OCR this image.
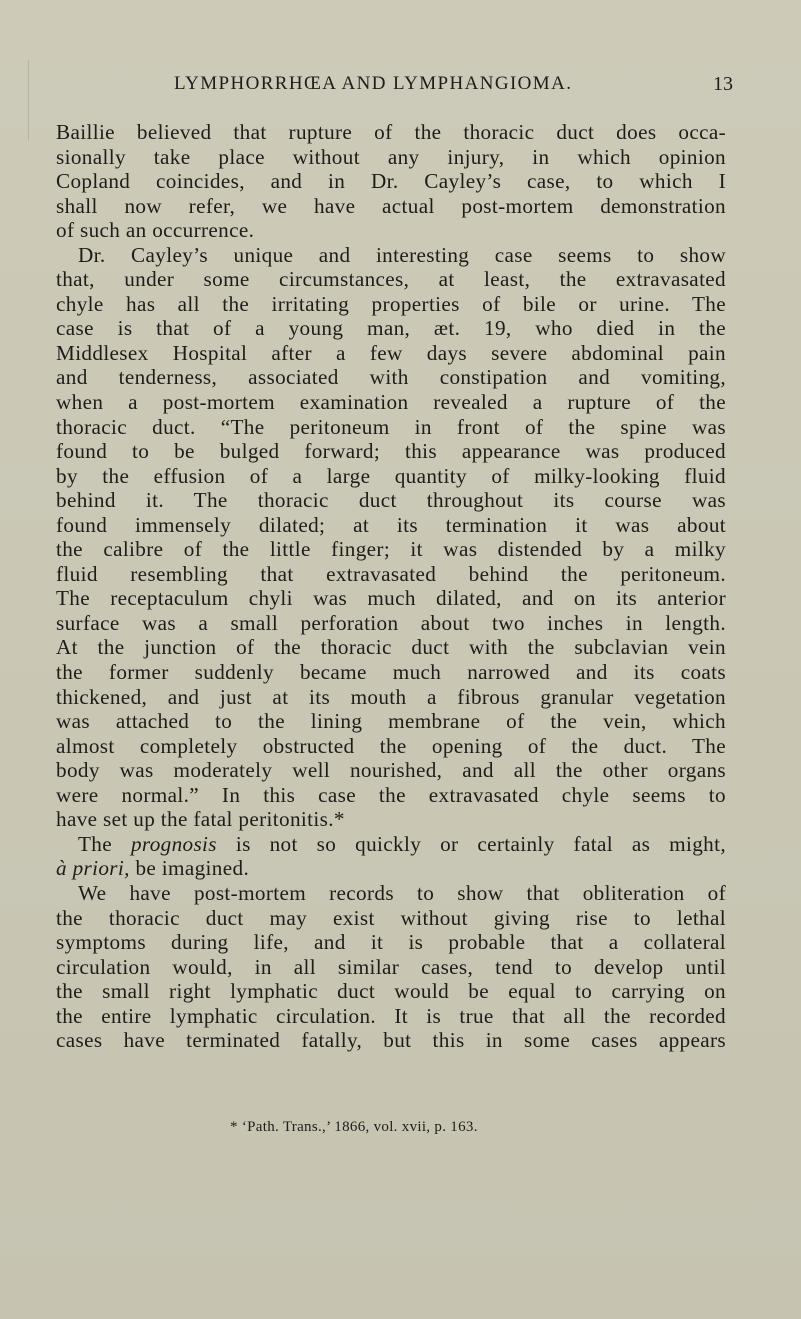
LYMPHORRHŒA AND LYMPHANGIOMA.	13
Baillie believed that rupture of the thoracic duct does occa-
sionally take place without any injury, in which opinion
Copland coincides, and in Dr. Cayley’s case, to which I
shall now refer, we have actual post-mortem demonstration
of such an occurrence.
Dr. Cayley’s unique and interesting case seems to show
that, under some circumstances, at least, the extravasated
chyle has all the irritating properties of bile or urine. The
case is that of a young man, æt. 19, who died in the
Middlesex Hospital after a few days severe abdominal pain
and tenderness, associated with constipation and vomiting,
when a post-mortem examination revealed a rupture of the
thoracic duct. “The peritoneum in front of the spine was
found to be bulged forward; this appearance was produced
by the effusion of a large quantity of milky-looking fluid
behind it. The thoracic duct throughout its course was
found immensely dilated; at its termination it was about
the calibre of the little finger; it was distended by a milky
fluid resembling that extravasated behind the peritoneum.
The receptaculum chyli was much dilated, and on its anterior
surface was a small perforation about two inches in length.
At the junction of the thoracic duct with the subclavian vein
the former suddenly became much narrowed and its coats
thickened, and just at its mouth a fibrous granular vegetation
was attached to the lining membrane of the vein, which
almost completely obstructed the opening of the duct. The
body was moderately well nourished, and all the other organs
were normal.” In this case the extravasated chyle seems to
have set up the fatal peritonitis.*
The prognosis is not so quickly or certainly fatal as might,
à priori, be imagined.
We have post-mortem records to show that obliteration of
the thoracic duct may exist without giving rise to lethal
symptoms during life, and it is probable that a collateral
circulation would, in all similar cases, tend to develop until
the small right lymphatic duct would be equal to carrying on
the entire lymphatic circulation. It is true that all the recorded
cases have terminated fatally, but this in some cases appears
* ‘Path. Trans.,’ 1866, vol. xvii, p. 163.
